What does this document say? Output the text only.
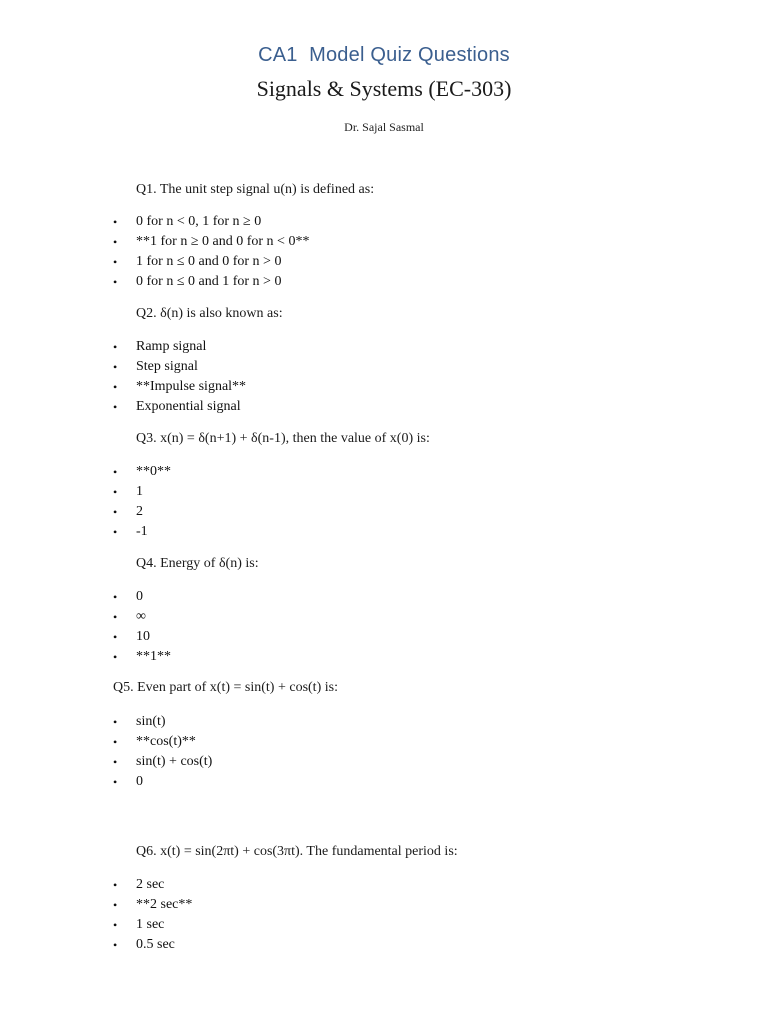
CA1  Model Quiz Questions
Signals & Systems (EC-303)
Dr. Sajal Sasmal
Q1. The unit step signal u(n) is defined as:
• 0 for n < 0, 1 for n ≥ 0
• **1 for n ≥ 0 and 0 for n < 0**
• 1 for n ≤ 0 and 0 for n > 0
• 0 for n ≤ 0 and 1 for n > 0
Q2. δ(n) is also known as:
• Ramp signal
• Step signal
• **Impulse signal**
• Exponential signal
Q3. x(n) = δ(n+1) + δ(n-1), then the value of x(0) is:
• **0**
• 1
• 2
• -1
Q4. Energy of δ(n) is:
• 0
• ∞
• 10
• **1**
Q5. Even part of x(t) = sin(t) + cos(t) is:
• sin(t)
• **cos(t)**
• sin(t) + cos(t)
• 0
Q6. x(t) = sin(2πt) + cos(3πt). The fundamental period is:
• 2 sec
• **2 sec**
• 1 sec
• 0.5 sec
